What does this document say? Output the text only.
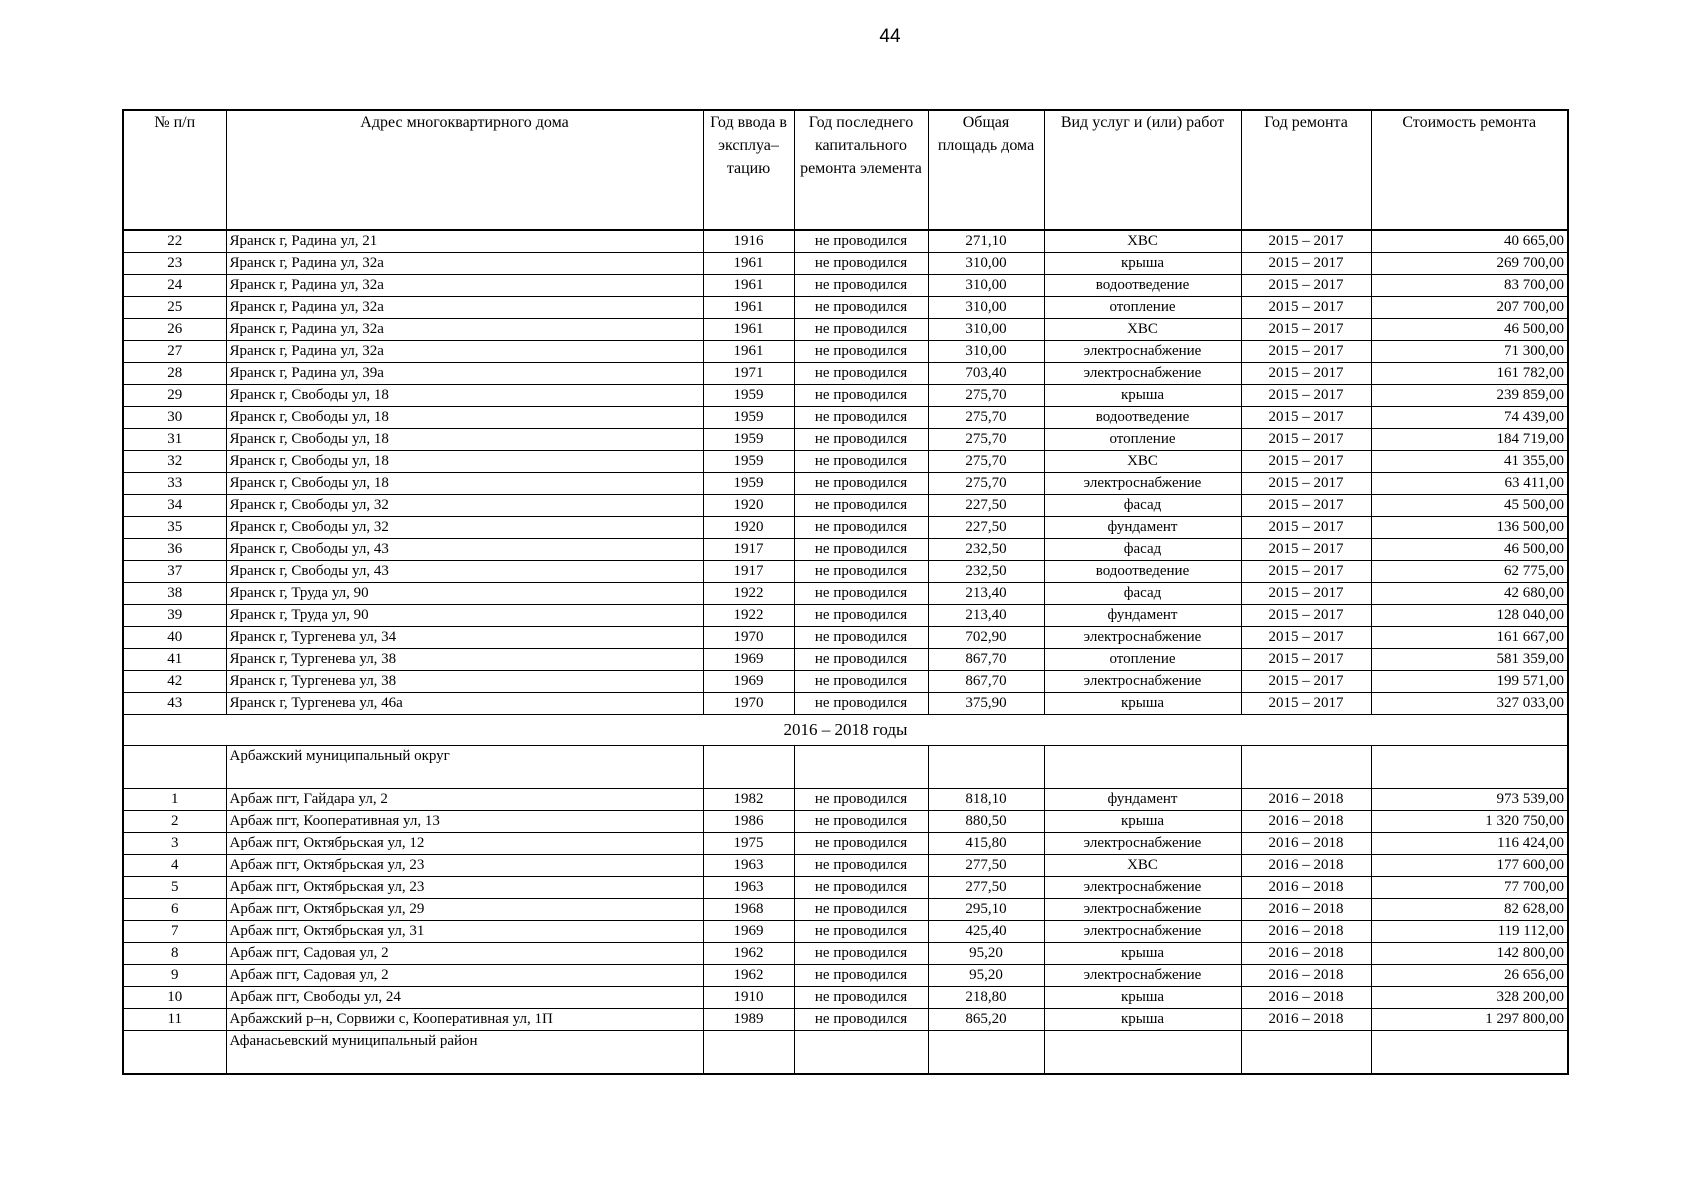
44
№ п/п	Адрес многоквартирного дома	Год ввода в эксплуа–тацию	Год последнего капитального ремонта элемента	Общая площадь дома	Вид услуг и (или) работ	Год ремонта	Стоимость ремонта
22	Яранск г, Радина ул, 21	1916	не проводился	271,10	ХВС	2015 – 2017	40 665,00
23	Яранск г, Радина ул, 32а	1961	не проводился	310,00	крыша	2015 – 2017	269 700,00
24	Яранск г, Радина ул, 32а	1961	не проводился	310,00	водоотведение	2015 – 2017	83 700,00
25	Яранск г, Радина ул, 32а	1961	не проводился	310,00	отопление	2015 – 2017	207 700,00
26	Яранск г, Радина ул, 32а	1961	не проводился	310,00	ХВС	2015 – 2017	46 500,00
27	Яранск г, Радина ул, 32а	1961	не проводился	310,00	электроснабжение	2015 – 2017	71 300,00
28	Яранск г, Радина ул, 39а	1971	не проводился	703,40	электроснабжение	2015 – 2017	161 782,00
29	Яранск г, Свободы ул, 18	1959	не проводился	275,70	крыша	2015 – 2017	239 859,00
30	Яранск г, Свободы ул, 18	1959	не проводился	275,70	водоотведение	2015 – 2017	74 439,00
31	Яранск г, Свободы ул, 18	1959	не проводился	275,70	отопление	2015 – 2017	184 719,00
32	Яранск г, Свободы ул, 18	1959	не проводился	275,70	ХВС	2015 – 2017	41 355,00
33	Яранск г, Свободы ул, 18	1959	не проводился	275,70	электроснабжение	2015 – 2017	63 411,00
34	Яранск г, Свободы ул, 32	1920	не проводился	227,50	фасад	2015 – 2017	45 500,00
35	Яранск г, Свободы ул, 32	1920	не проводился	227,50	фундамент	2015 – 2017	136 500,00
36	Яранск г, Свободы ул, 43	1917	не проводился	232,50	фасад	2015 – 2017	46 500,00
37	Яранск г, Свободы ул, 43	1917	не проводился	232,50	водоотведение	2015 – 2017	62 775,00
38	Яранск г, Труда ул, 90	1922	не проводился	213,40	фасад	2015 – 2017	42 680,00
39	Яранск г, Труда ул, 90	1922	не проводился	213,40	фундамент	2015 – 2017	128 040,00
40	Яранск г, Тургенева ул, 34	1970	не проводился	702,90	электроснабжение	2015 – 2017	161 667,00
41	Яранск г, Тургенева ул, 38	1969	не проводился	867,70	отопление	2015 – 2017	581 359,00
42	Яранск г, Тургенева ул, 38	1969	не проводился	867,70	электроснабжение	2015 – 2017	199 571,00
43	Яранск г, Тургенева ул, 46а	1970	не проводился	375,90	крыша	2015 – 2017	327 033,00
2016 – 2018 годы							
	Арбажский муниципальный округ						
1	Арбаж пгт, Гайдара ул, 2	1982	не проводился	818,10	фундамент	2016 – 2018	973 539,00
2	Арбаж пгт, Кооперативная ул, 13	1986	не проводился	880,50	крыша	2016 – 2018	1 320 750,00
3	Арбаж пгт, Октябрьская ул, 12	1975	не проводился	415,80	электроснабжение	2016 – 2018	116 424,00
4	Арбаж пгт, Октябрьская ул, 23	1963	не проводился	277,50	ХВС	2016 – 2018	177 600,00
5	Арбаж пгт, Октябрьская ул, 23	1963	не проводился	277,50	электроснабжение	2016 – 2018	77 700,00
6	Арбаж пгт, Октябрьская ул, 29	1968	не проводился	295,10	электроснабжение	2016 – 2018	82 628,00
7	Арбаж пгт, Октябрьская ул, 31	1969	не проводился	425,40	электроснабжение	2016 – 2018	119 112,00
8	Арбаж пгт, Садовая ул, 2	1962	не проводился	95,20	крыша	2016 – 2018	142 800,00
9	Арбаж пгт, Садовая ул, 2	1962	не проводился	95,20	электроснабжение	2016 – 2018	26 656,00
10	Арбаж пгт, Свободы ул, 24	1910	не проводился	218,80	крыша	2016 – 2018	328 200,00
11	Арбажский р–н, Сорвижи с, Кооперативная ул, 1П	1989	не проводился	865,20	крыша	2016 – 2018	1 297 800,00
	Афанасьевский муниципальный район						
